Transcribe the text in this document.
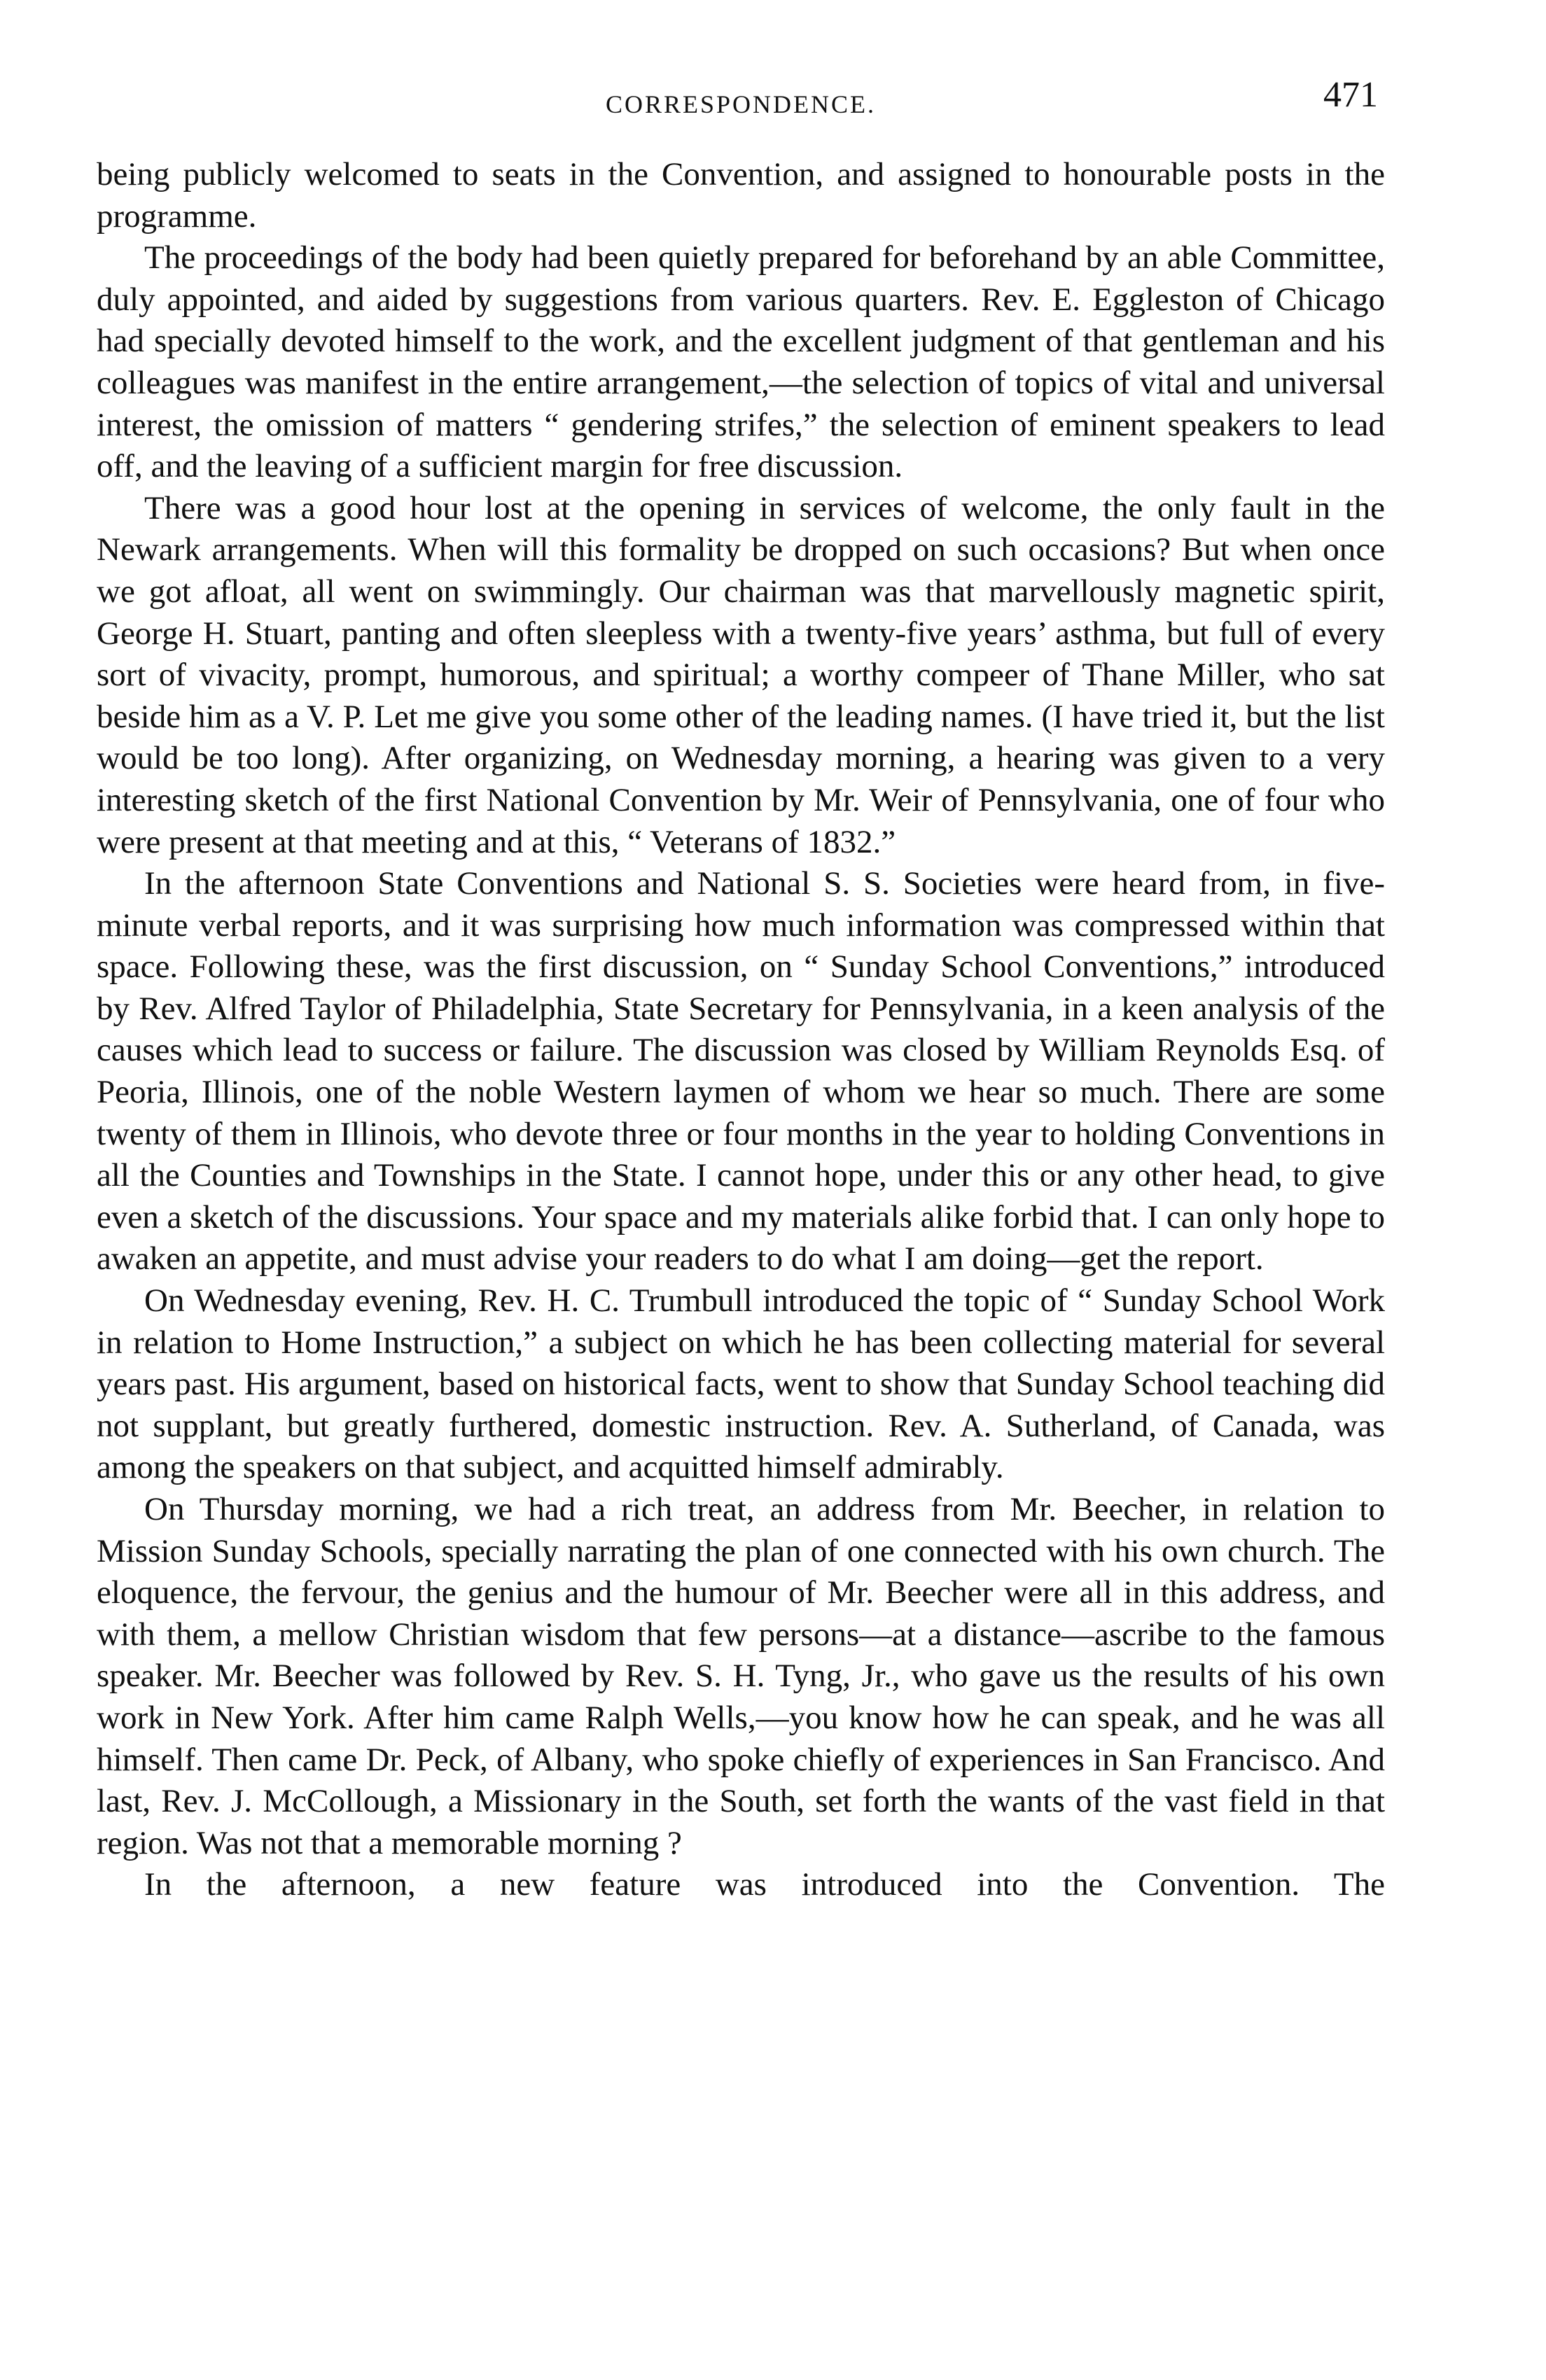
CORRESPONDENCE.	471

being publicly welcomed to seats in the Convention, and assigned to honourable posts in the programme.

The proceedings of the body had been quietly prepared for beforehand by an able Committee, duly appointed, and aided by suggestions from various quarters. Rev. E. Eggleston of Chicago had specially devoted himself to the work, and the excellent judgment of that gentleman and his colleagues was manifest in the entire arrangement,—the selection of topics of vital and universal interest, the omission of matters “ gendering strifes,” the selection of eminent speakers to lead off, and the leaving of a sufficient margin for free discussion.

There was a good hour lost at the opening in services of welcome, the only fault in the Newark arrangements. When will this formality be dropped on such occasions? But when once we got afloat, all went on swimmingly. Our chairman was that marvellously magnetic spirit, George H. Stuart, panting and often sleepless with a twenty-five years’ asthma, but full of every sort of vivacity, prompt, humorous, and spiritual; a worthy compeer of Thane Miller, who sat beside him as a V. P. Let me give you some other of the leading names. (I have tried it, but the list would be too long). After organizing, on Wednesday morning, a hearing was given to a very interesting sketch of the first National Convention by Mr. Weir of Pennsylvania, one of four who were present at that meeting and at this, “ Veterans of 1832.”

In the afternoon State Conventions and National S. S. Societies were heard from, in five-minute verbal reports, and it was surprising how much information was compressed within that space. Following these, was the first discussion, on “ Sunday School Conventions,” introduced by Rev. Alfred Taylor of Philadelphia, State Secretary for Pennsylvania, in a keen analysis of the causes which lead to success or failure. The discussion was closed by William Reynolds Esq. of Peoria, Illinois, one of the noble Western laymen of whom we hear so much. There are some twenty of them in Illinois, who devote three or four months in the year to holding Conventions in all the Counties and Townships in the State. I cannot hope, under this or any other head, to give even a sketch of the discussions. Your space and my materials alike forbid that. I can only hope to awaken an appetite, and must advise your readers to do what I am doing—get the report.

On Wednesday evening, Rev. H. C. Trumbull introduced the topic of “ Sunday School Work in relation to Home Instruction,” a subject on which he has been collecting material for several years past. His argument, based on historical facts, went to show that Sunday School teaching did not supplant, but greatly furthered, domestic instruction. Rev. A. Sutherland, of Canada, was among the speakers on that subject, and acquitted himself admirably.

On Thursday morning, we had a rich treat, an address from Mr. Beecher, in relation to Mission Sunday Schools, specially narrating the plan of one connected with his own church. The eloquence, the fervour, the genius and the humour of Mr. Beecher were all in this address, and with them, a mellow Christian wisdom that few persons—at a distance—ascribe to the famous speaker. Mr. Beecher was followed by Rev. S. H. Tyng, Jr., who gave us the results of his own work in New York. After him came Ralph Wells,—you know how he can speak, and he was all himself. Then came Dr. Peck, of Albany, who spoke chiefly of experiences in San Francisco. And last, Rev. J. McCollough, a Missionary in the South, set forth the wants of the vast field in that region. Was not that a memorable morning ?

In the afternoon, a new feature was introduced into the Convention. The
